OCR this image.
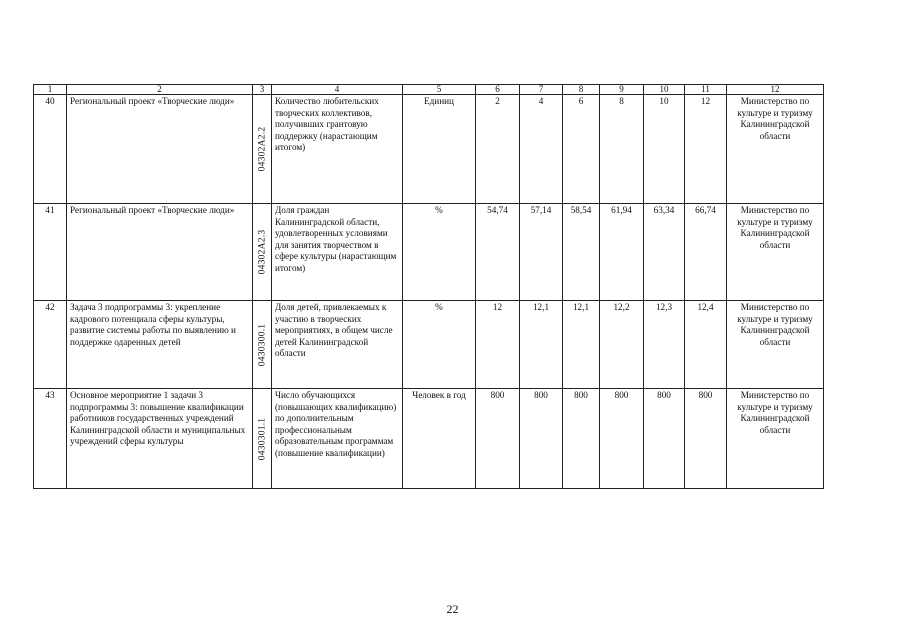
1	2	3	4	5	6	7	8	9	10	11	12
40	Региональный проект «Творческие люди»	04302A2.2	Количество любительских творческих коллективов, получивших грантовую поддержку (нарастающим итогом)	Единиц	2	4	6	8	10	12	Министерство по культуре и туризму Калининградской области
41	Региональный проект «Творческие люди»	04302A2.3	Доля граждан Калининградской области, удовлетворенных условиями для занятия творчеством в сфере культуры (нарастающим итогом)	%	54,74	57,14	58,54	61,94	63,34	66,74	Министерство по культуре и туризму Калининградской области
42	Задача 3 подпрограммы 3: укрепление кадрового потенциала сферы культуры, развитие системы работы по выявлению и поддержке одаренных детей	0430300.1	Доля детей, привлекаемых к участию в творческих мероприятиях, в общем числе детей Калининградской области	%	12	12,1	12,1	12,2	12,3	12,4	Министерство по культуре и туризму Калининградской области
43	Основное мероприятие 1 задачи 3 подпрограммы 3: повышение квалификации работников государственных учреждений Калининградской области и муниципальных учреждений сферы культуры	0430301.1	Число обучающихся (повышающих квалификацию) по дополнительным профессиональным образовательным программам (повышение квалификации)	Человек в год	800	800	800	800	800	800	Министерство по культуре и туризму Калининградской области
22
